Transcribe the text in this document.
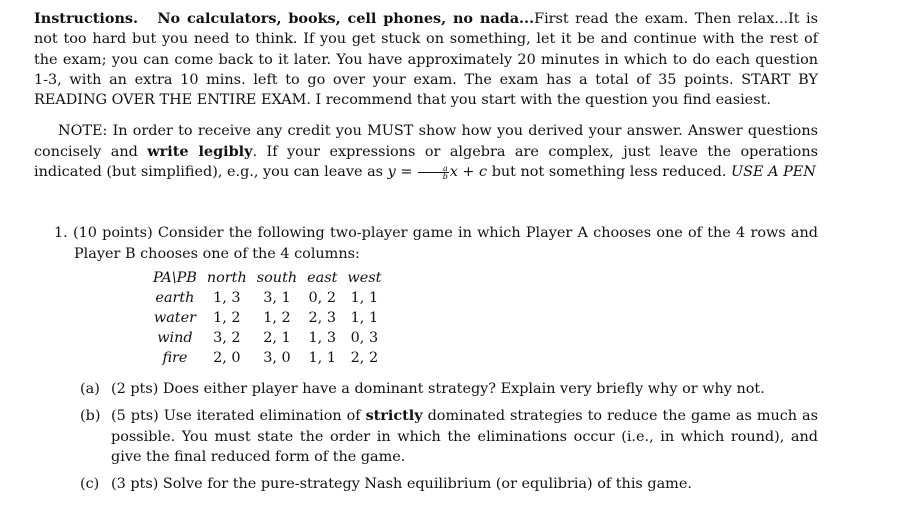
Instructions. No calculators, books, cell phones, no nada...First read the exam. Then relax...It is not too hard but you need to think. If you get stuck on something, let it be and continue with the rest of the exam; you can come back to it later. You have approximately 20 minutes in which to do each question 1-3, with an extra 10 mins. left to go over your exam. The exam has a total of 35 points. START BY READING OVER THE ENTIRE EXAM. I recommend that you start with the question you find easiest.

NOTE: In order to receive any credit you MUST show how you derived your answer. Answer questions concisely and write legibly. If your expressions or algebra are complex, just leave the operations indicated (but simplified), e.g., you can leave as $y = \frac{a}{b}$ x + c but not something less reduced. USE A PEN

1. (10 points) Consider the following two-player game in which Player A chooses one of the 4 rows and Player B chooses one of the 4 columns:

PA\PB	north	south	east	west
earth	1, 3	3, 1	0, 2	1, 1
water	1, 2	1, 2	2, 3	1, 1
wind	3, 2	2, 1	1, 3	0, 3
fire	2, 0	3, 0	1, 1	2, 2

(a) (2 pts) Does either player have a dominant strategy? Explain very briefly why or why not.

(b) (5 pts) Use iterated elimination of strictly dominated strategies to reduce the game as much as possible. You must state the order in which the eliminations occur (i.e., in which round), and give the final reduced form of the game.

(c) (3 pts) Solve for the pure-strategy Nash equilibrium (or equlibria) of this game.
